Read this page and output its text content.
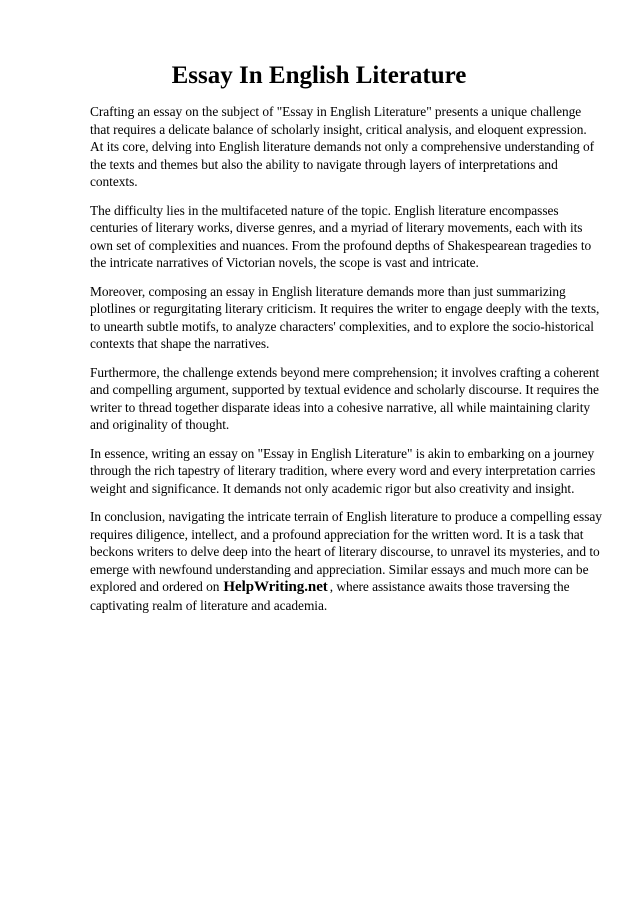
Essay In English Literature

Crafting an essay on the subject of "Essay in English Literature" presents a unique challenge that requires a delicate balance of scholarly insight, critical analysis, and eloquent expression. At its core, delving into English literature demands not only a comprehensive understanding of the texts and themes but also the ability to navigate through layers of interpretations and contexts.

The difficulty lies in the multifaceted nature of the topic. English literature encompasses centuries of literary works, diverse genres, and a myriad of literary movements, each with its own set of complexities and nuances. From the profound depths of Shakespearean tragedies to the intricate narratives of Victorian novels, the scope is vast and intricate.

Moreover, composing an essay in English literature demands more than just summarizing plotlines or regurgitating literary criticism. It requires the writer to engage deeply with the texts, to unearth subtle motifs, to analyze characters' complexities, and to explore the socio-historical contexts that shape the narratives.

Furthermore, the challenge extends beyond mere comprehension; it involves crafting a coherent and compelling argument, supported by textual evidence and scholarly discourse. It requires the writer to thread together disparate ideas into a cohesive narrative, all while maintaining clarity and originality of thought.

In essence, writing an essay on "Essay in English Literature" is akin to embarking on a journey through the rich tapestry of literary tradition, where every word and every interpretation carries weight and significance. It demands not only academic rigor but also creativity and insight.

In conclusion, navigating the intricate terrain of English literature to produce a compelling essay requires diligence, intellect, and a profound appreciation for the written word. It is a task that beckons writers to delve deep into the heart of literary discourse, to unravel its mysteries, and to emerge with newfound understanding and appreciation. Similar essays and much more can be explored and ordered on HelpWriting.net , where assistance awaits those traversing the captivating realm of literature and academia.
